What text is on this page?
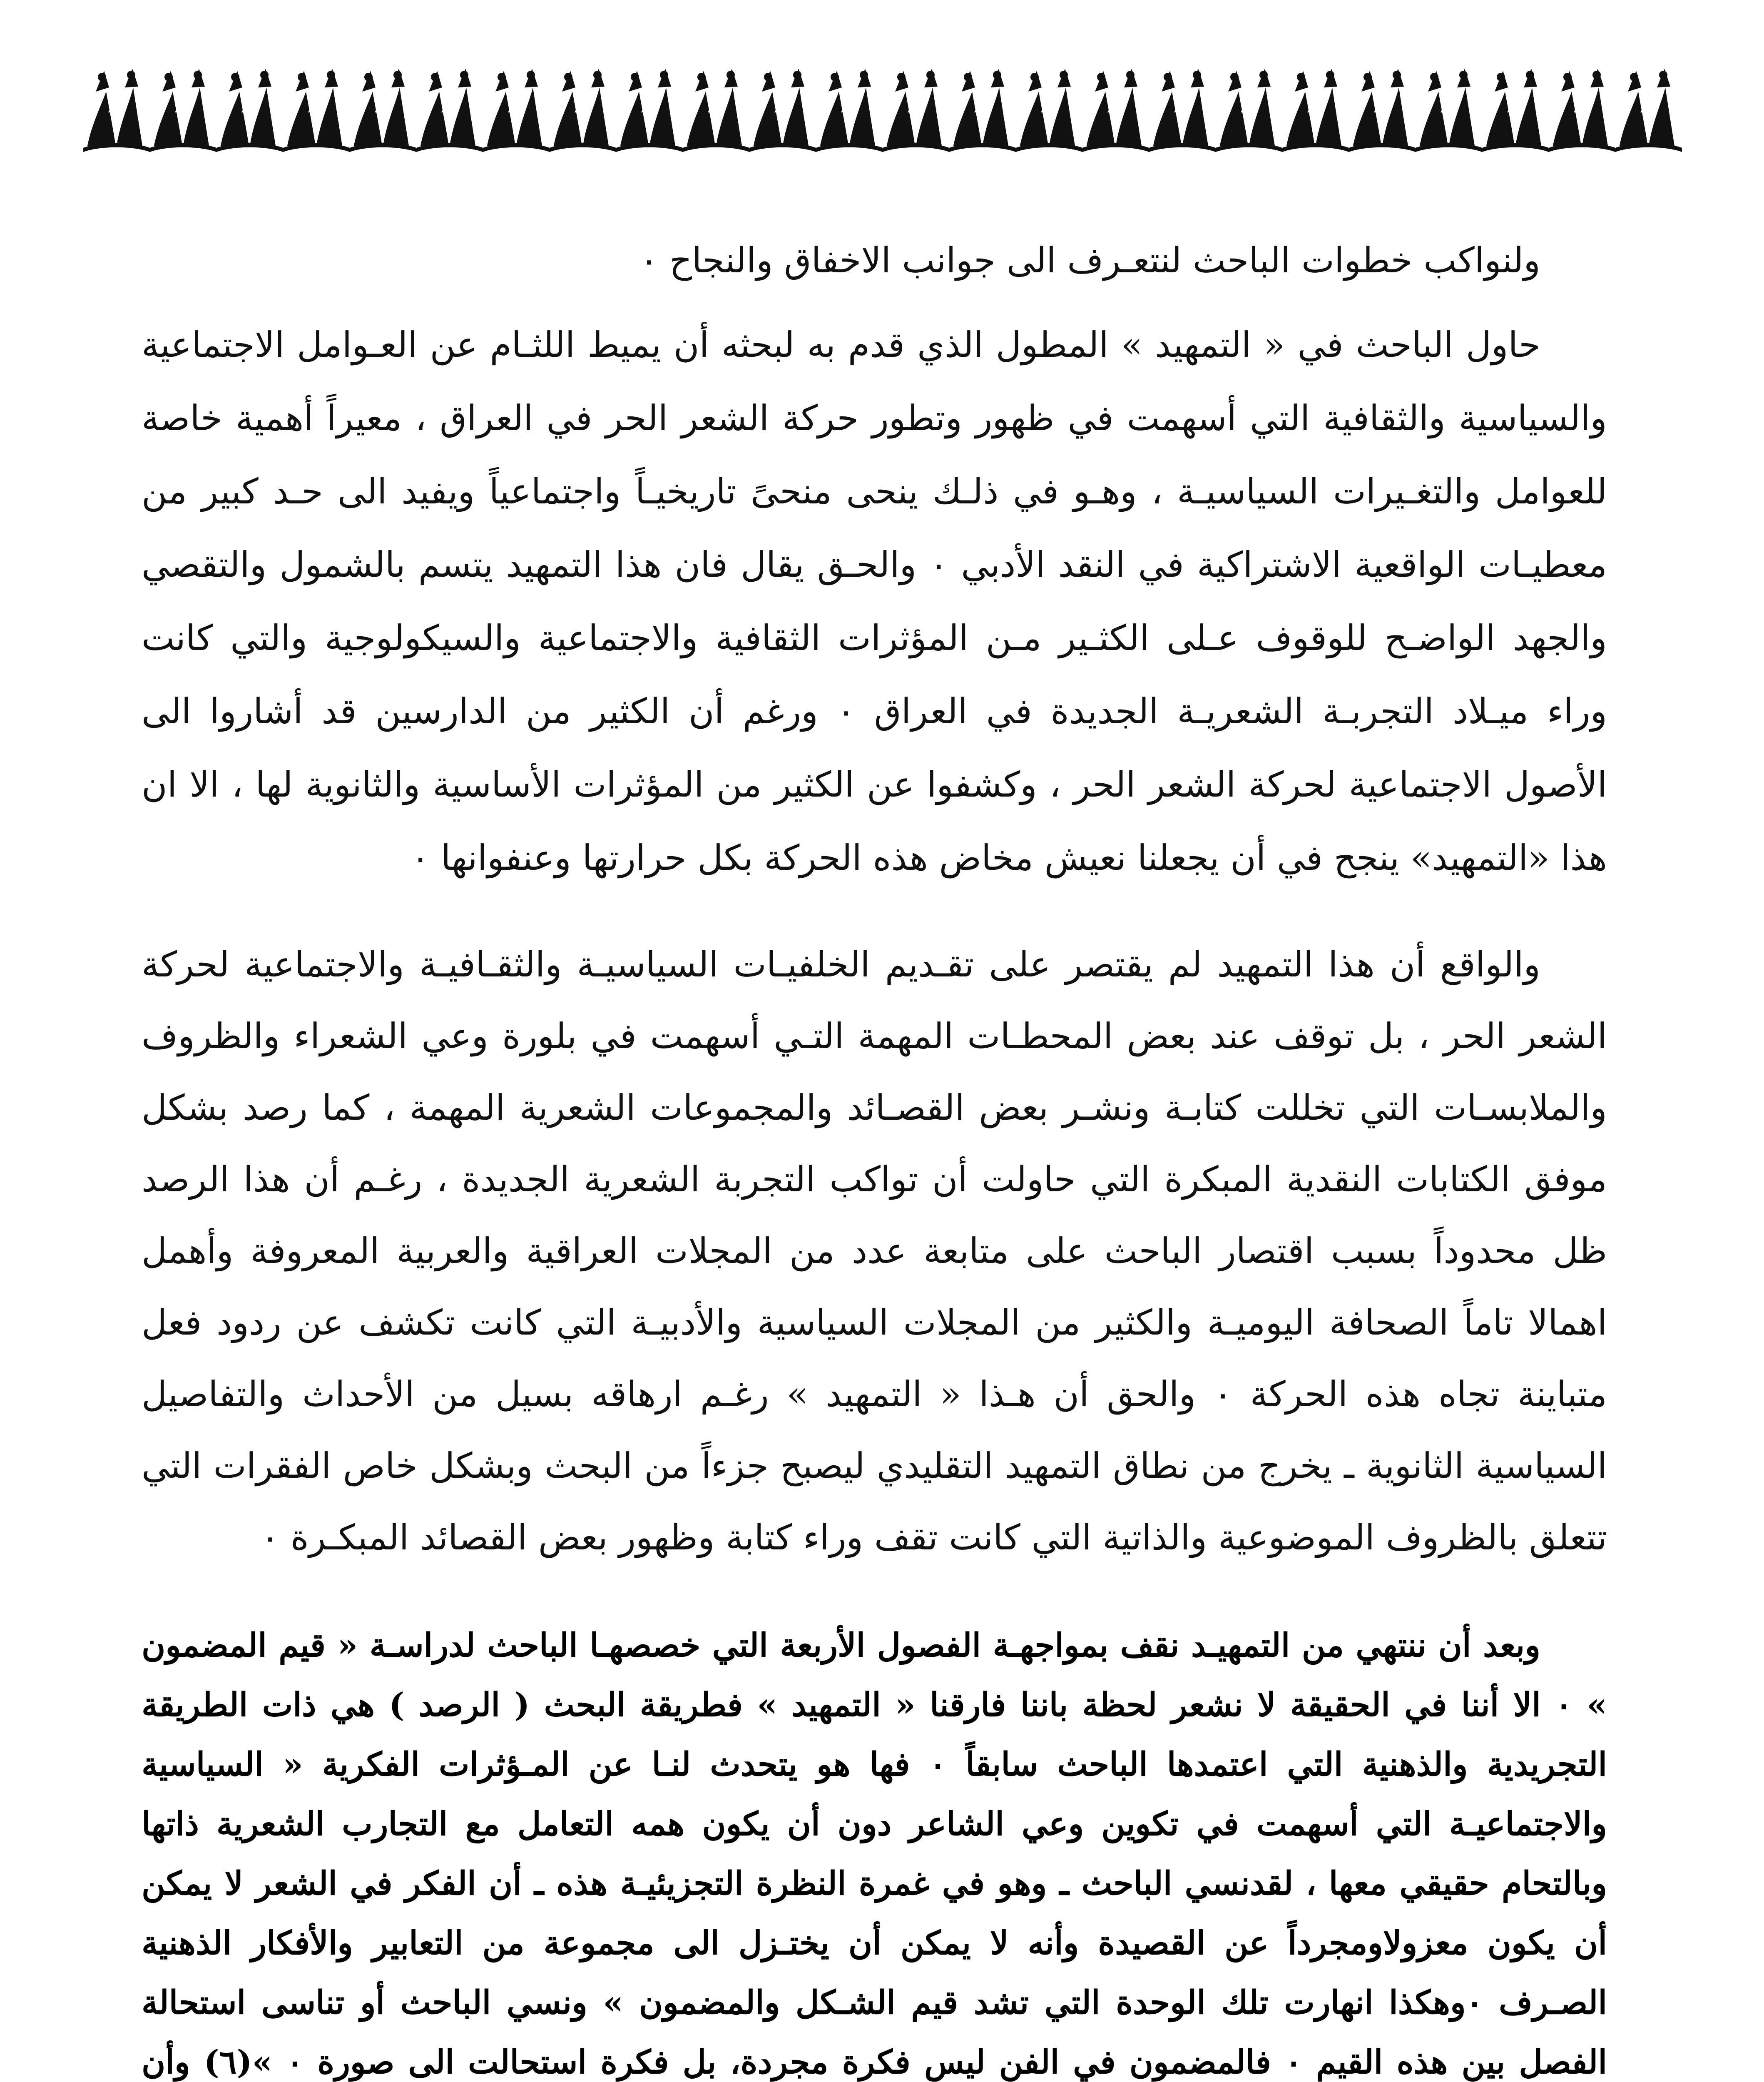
ولنواكب خطوات الباحث لنتعـرف الى جوانب الاخفاق والنجاح ٠

حاول الباحث في « التمهيد » المطول الذي قدم به لبحثه أن يميط اللثـام عن العـوامل الاجتماعية والسياسية والثقافية التي أسهمت في ظهور وتطور حركة الشعر الحر في العراق ، معيراً أهمية خاصة للعوامل والتغـيرات السياسيـة ، وهـو في ذلـك ينحى منحىً تاريخيـاً واجتماعياً ويفيد الى حـد كبير من معطيـات الواقعية الاشتراكية في النقد الأدبي ٠ والحـق يقال فان هذا التمهيد يتسم بالشمول والتقصي والجهد الواضـح للوقوف عـلى الكثـير مـن المؤثرات الثقافية والاجتماعية والسيكولوجية والتي كانت وراء ميـلاد التجربـة الشعريـة الجديدة في العراق ٠ ورغم أن الكثير من الدارسين قد أشاروا الى الأصول الاجتماعية لحركة الشعر الحر ، وكشفوا عن الكثير من المؤثرات الأساسية والثانوية لها ، الا ان هذا «التمهيد» ينجح في أن يجعلنا نعيش مخاض هذه الحركة بكل حرارتها وعنفوانها ٠

والواقع أن هذا التمهيد لم يقتصر على تقـديم الخلفيـات السياسيـة والثقـافيـة والاجتماعية لحركة الشعر الحر ، بل توقف عند بعض المحطـات المهمة التـي أسهمت في بلورة وعي الشعراء والظروف والملابسـات التي تخللت كتابـة ونشـر بعض القصـائد والمجموعات الشعرية المهمة ، كما رصد بشكل موفق الكتابات النقدية المبكرة التي حاولت أن تواكب التجربة الشعرية الجديدة ، رغـم أن هذا الرصد ظل محدوداً بسبب اقتصار الباحث على متابعة عدد من المجلات العراقية والعربية المعروفة وأهمل اهمالا تاماً الصحافة اليوميـة والكثير من المجلات السياسية والأدبيـة التي كانت تكشف عن ردود فعل متباينة تجاه هذه الحركة ٠ والحق أن هـذا « التمهيد » رغـم ارهاقه بسيل من الأحداث والتفاصيل السياسية الثانوية ـ يخرج من نطاق التمهيد التقليدي ليصبح جزءاً من البحث وبشكل خاص الفقرات التي تتعلق بالظروف الموضوعية والذاتية التي كانت تقف وراء كتابة وظهور بعض القصائد المبكـرة ٠

وبعد أن ننتهي من التمهيـد نقف بمواجهـة الفصول الأربعة التي خصصهـا الباحث لدراسـة « قيم المضمون » ٠ الا أننا في الحقيقة لا نشعر لحظة باننا فارقنا « التمهيد » فطريقة البحث ( الرصد ) هي ذات الطريقة التجريدية والذهنية التي اعتمدها الباحث سابقاً ٠ فها هو يتحدث لنـا عن المـؤثرات الفكرية « السياسية والاجتماعيـة التي أسهمت في تكوين وعي الشاعر دون أن يكون همه التعامل مع التجارب الشعرية ذاتها وبالتحام حقيقي معها ، لقدنسي الباحث ـ وهو في غمرة النظرة التجزيئيـة هذه ـ أن الفكر في الشعر لا يمكن أن يكون معزولاومجرداً عن القصيدة وأنه لا يمكن أن يختـزل الى مجموعة من التعابير والأفكار الذهنية الصـرف ٠وهكذا انهارت تلك الوحدة التي تشد قيم الشـكل والمضمون » ونسي الباحث أو تناسى استحالة الفصل بين هذه القيم ٠ فالمضمون في الفن ليس فكرة مجردة، بل فكرة استحالت الى صورة ٠ »(٦) وأن
